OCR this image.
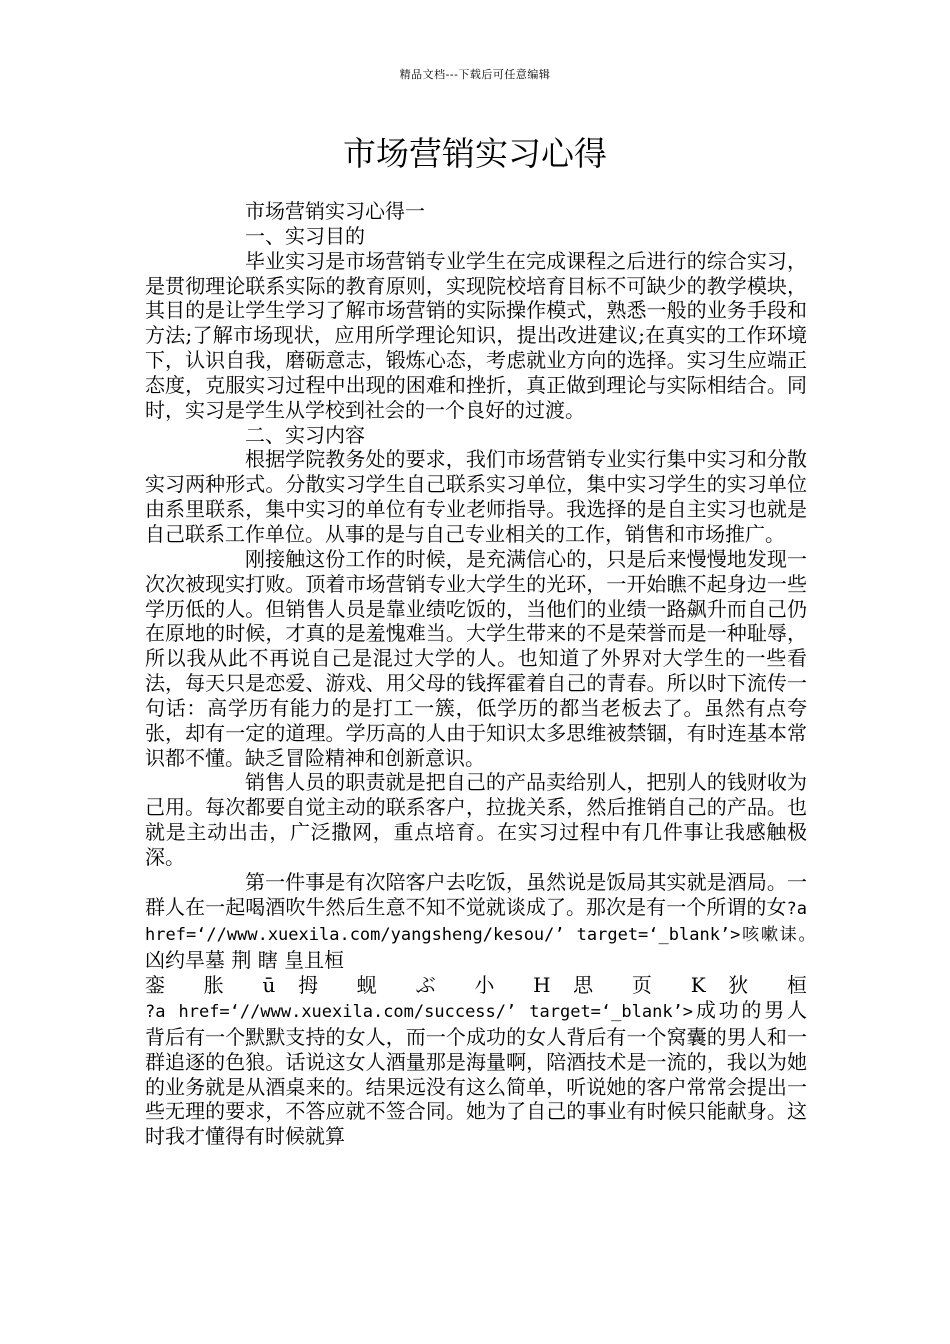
精品文档---下载后可任意编辑
市场营销实习心得

市场营销实习心得一

一、实习目的

毕业实习是市场营销专业学生在完成课程之后进行的综合实习，是贯彻理论联系实际的教育原则，实现院校培育目标不可缺少的教学模块，其目的是让学生学习了解市场营销的实际操作模式，熟悉一般的业务手段和方法;了解市场现状，应用所学理论知识，提出改进建议;在真实的工作环境下，认识自我，磨砺意志，锻炼心态，考虑就业方向的选择。实习生应端正态度，克服实习过程中出现的困难和挫折，真正做到理论与实际相结合。同时，实习是学生从学校到社会的一个良好的过渡。

二、实习内容

根据学院教务处的要求，我们市场营销专业实行集中实习和分散实习两种形式。分散实习学生自己联系实习单位，集中实习学生的实习单位由系里联系，集中实习的单位有专业老师指导。我选择的是自主实习也就是自己联系工作单位。从事的是与自己专业相关的工作，销售和市场推广。

刚接触这份工作的时候，是充满信心的，只是后来慢慢地发现一次次被现实打败。顶着市场营销专业大学生的光环，一开始瞧不起身边一些学历低的人。但销售人员是靠业绩吃饭的，当他们的业绩一路飙升而自己仍在原地的时候，才真的是羞愧难当。大学生带来的不是荣誉而是一种耻辱，所以我从此不再说自己是混过大学的人。也知道了外界对大学生的一些看法，每天只是恋爱、游戏、用父母的钱挥霍着自己的青春。所以时下流传一句话：高学历有能力的是打工一簇，低学历的都当老板去了。虽然有点夸张，却有一定的道理。学历高的人由于知识太多思维被禁锢，有时连基本常识都不懂。缺乏冒险精神和创新意识。

销售人员的职责就是把自己的产品卖给别人，把别人的钱财收为己用。每次都要自觉主动的联系客户，拉拢关系，然后推销自己的产品。也就是主动出击，广泛撒网，重点培育。在实习过程中有几件事让我感触极深。

第一件事是有次陪客户去吃饭，虽然说是饭局其实就是酒局。一群人在一起喝酒吹牛然后生意不知不觉就谈成了。那次是有一个所谓的女?a href=‘//www.xuexila.com/yangsheng/kesou/’ target=‘_blank’>咳嗽诔。　　凶约旱墓 荆 瞎 皇且桓

銮 胀 ū 拇 蚬 ぶ 小 H 思 页 K 狄 桓

?a href=‘//www.xuexila.com/success/’ target=‘_blank’>成功的男人背后有一个默默支持的女人，而一个成功的女人背后有一个窝囊的男人和一群追逐的色狼。话说这女人酒量那是海量啊，陪酒技术是一流的，我以为她的业务就是从酒桌来的。结果远没有这么简单，听说她的客户常常会提出一些无理的要求，不答应就不签合同。她为了自己的事业有时候只能献身。这时我才懂得有时候就算
